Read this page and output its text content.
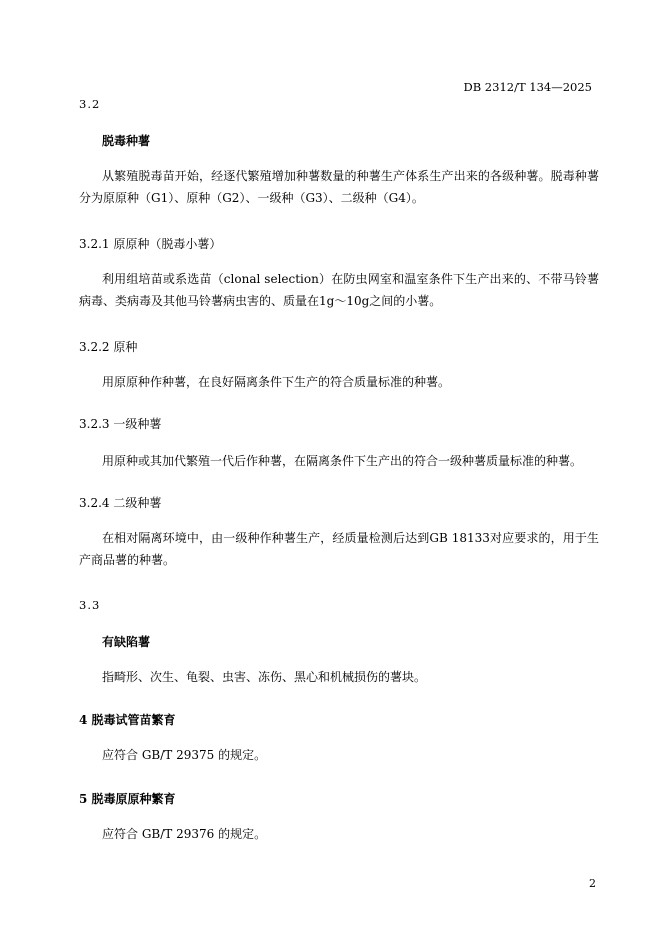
DB 2312/T 134—2025
3.2
脱毒种薯

从繁殖脱毒苗开始，经逐代繁殖增加种薯数量的种薯生产体系生产出来的各级种薯。脱毒种薯分为原原种（G1）、原种（G2）、一级种（G3）、二级种（G4）。

3.2.1 原原种（脱毒小薯）

利用组培苗或系选苗（clonal selection）在防虫网室和温室条件下生产出来的、不带马铃薯病毒、类病毒及其他马铃薯病虫害的、质量在1g～10g之间的小薯。

3.2.2 原种

用原原种作种薯，在良好隔离条件下生产的符合质量标准的种薯。

3.2.3 一级种薯

用原种或其加代繁殖一代后作种薯，在隔离条件下生产出的符合一级种薯质量标准的种薯。

3.2.4 二级种薯

在相对隔离环境中，由一级种作种薯生产，经质量检测后达到GB 18133对应要求的，用于生产商品薯的种薯。

3.3
有缺陷薯

指畸形、次生、龟裂、虫害、冻伤、黑心和机械损伤的薯块。

4 脱毒试管苗繁育

应符合 GB/T 29375 的规定。

5 脱毒原原种繁育

应符合 GB/T 29376 的规定。

2
